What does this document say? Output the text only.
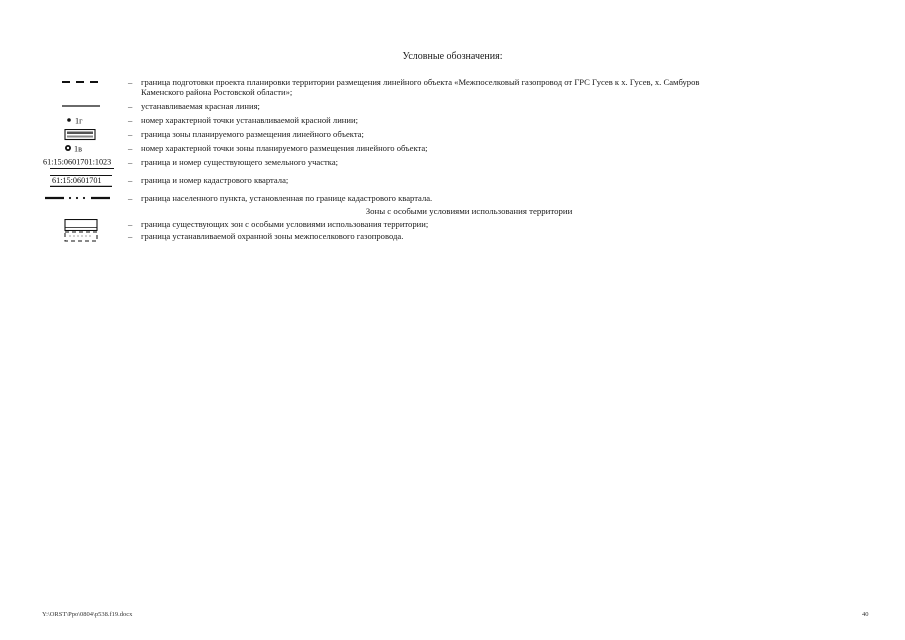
Условные обозначения:
– граница подготовки проекта планировки территории размещения линейного объекта «Межпоселковый газопровод от ГРС Гусев к х. Гусев, х. Самбуров
Каменского района Ростовской области»;
– устанавливаемая красная линия;
1г	– номер характерной точки устанавливаемой красной линии;
– граница зоны планируемого размещения линейного объекта;
1в	– номер характерной точки зоны планируемого размещения линейного объекта;
61:15:0601701:1023 – граница и номер существующего земельного участка;
61:15:0601701	– граница и номер кадастрового квартала;
– граница населенного пункта, установленная по границе кадастрового квартала.
Зоны с особыми условиями использования территории
– граница существующих зон с особыми условиями использования территории;
– граница устанавливаемой охранной зоны межпоселкового газопровода.
Y:\ORST\Ppo\0804\p538.f19.docx	40
